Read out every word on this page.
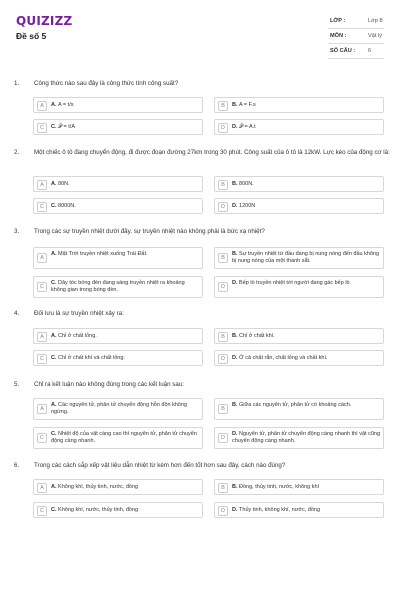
QUIZIZZ
Đề số 5
LỚP :	Lớp 8
MÔN :	Vật lý
SỐ CÂU : 6
1.	Công thức nào sau đây là công thức tính công suất?
A	A. A = t/s	B	B. A = F.s
C	C. 𝒫 = t/A	D	D. 𝒫 = A.t
2.	Một chiếc ô tô đang chuyển động, đi được đoạn đường 27km trong 30 phút. Công suất của ô tô là 12kW. Lực kéo của động cơ là:
A	A. 80N.	B	B. 800N.
C	C. 8000N.	D	D. 1200N
3.	Trong các sự truyền nhiệt dưới đây, sự truyền nhiệt nào không phải là bức xạ nhiệt?
A
A. Mặt Trời truyền nhiệt xuống Trái Đất.
B
B. Sự truyền nhiệt từ đầu đang bị nung nóng đến đầu không bị nung nóng của một thanh sắt.
C
C. Dây tóc bóng đèn đang sáng truyền nhiệt ra khoảng không gian trong bóng đèn.	D
D. Bếp lò truyền nhiệt tới người đang gác bếp lò.
4.	Đối lưu là sự truyền nhiệt xảy ra:
A	A. Chỉ ở chất lỏng.	B	B. Chỉ ở chất khí.
C	C. Chỉ ở chất khí và chất lỏng.	D	D. Ở cả chất rắn, chất lỏng và chất khí.
5.	Chỉ ra kết luận nào không đúng trong các kết luận sau:
A
A. Các nguyên tử, phân tử chuyển động hỗn độn không ngừng.	B
B. Giữa các nguyên tử, phân tử có khoảng cách.
C
C. Nhiệt độ của vật càng cao thì nguyên tử, phân tử chuyển động càng nhanh.	D
D. Nguyên tử, phân tử chuyển động càng nhanh thì vật cũng chuyển động càng nhanh.
6.	Trong các cách sắp xếp vật liệu dẫn nhiệt từ kém hơn đến tốt hơn sau đây, cách nào đúng?
A	A. Không khí, thủy tinh, nước, đồng	B	B. Đồng, thủy tinh, nước, không khí
C	C. Không khí, nước, thủy tinh, đồng	D	D. Thủy tinh, không khí, nước, đồng
